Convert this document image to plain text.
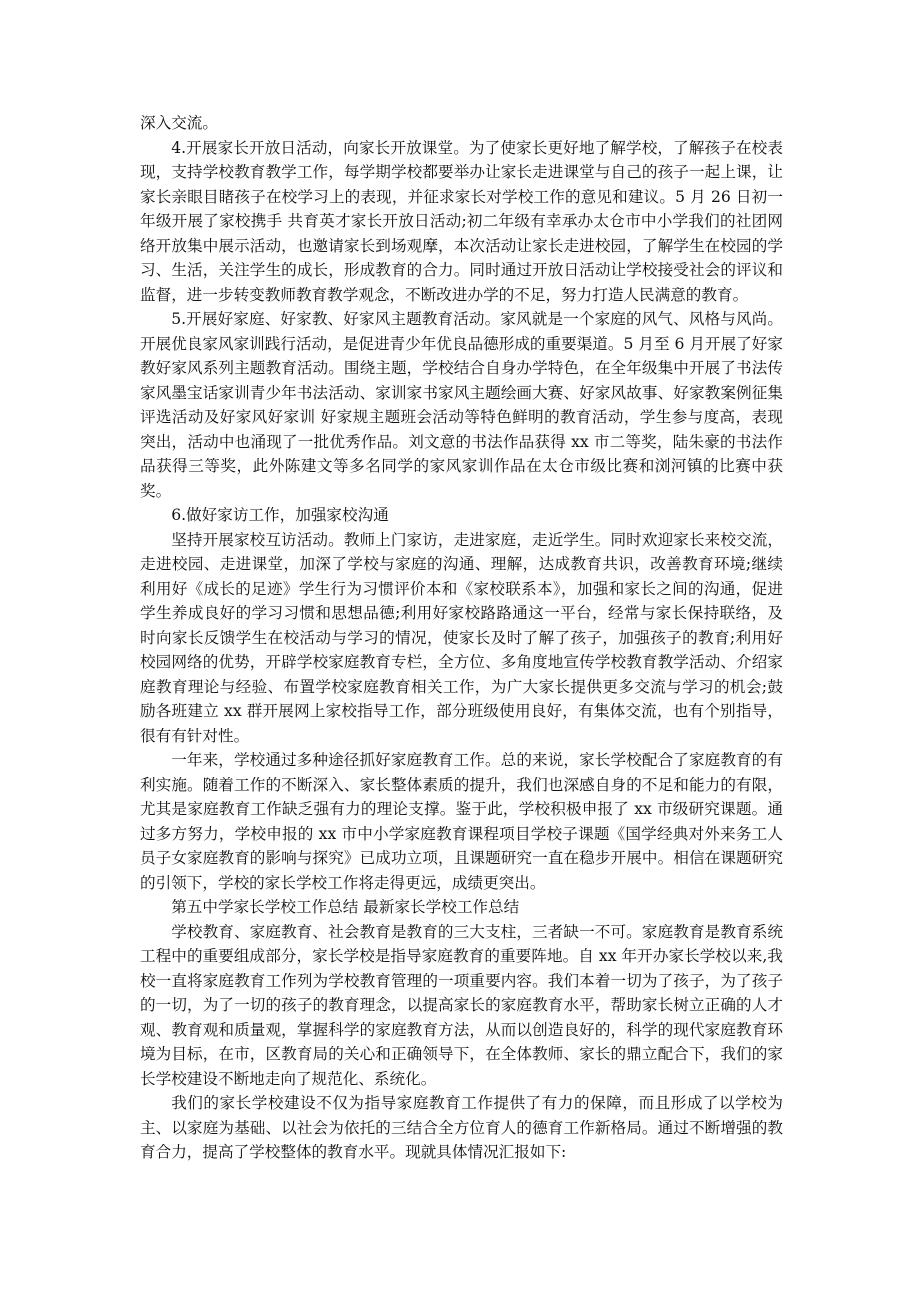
深入交流。

4.开展家长开放日活动，向家长开放课堂。为了使家长更好地了解学校，了解孩子在校表现，支持学校教育教学工作，每学期学校都要举办让家长走进课堂与自己的孩子一起上课，让家长亲眼目睹孩子在校学习上的表现，并征求家长对学校工作的意见和建议。5 月 26 日初一年级开展了家校携手 共育英才家长开放日活动;初二年级有幸承办太仓市中小学我们的社团网络开放集中展示活动，也邀请家长到场观摩，本次活动让家长走进校园，了解学生在校园的学习、生活，关注学生的成长，形成教育的合力。同时通过开放日活动让学校接受社会的评议和监督，进一步转变教师教育教学观念，不断改进办学的不足，努力打造人民满意的教育。

5.开展好家庭、好家教、好家风主题教育活动。家风就是一个家庭的风气、风格与风尚。开展优良家风家训践行活动，是促进青少年优良品德形成的重要渠道。5 月至 6 月开展了好家教好家风系列主题教育活动。围绕主题，学校结合自身办学特色，在全年级集中开展了书法传家风墨宝话家训青少年书法活动、家训家书家风主题绘画大赛、好家风故事、好家教案例征集评选活动及好家风好家训 好家规主题班会活动等特色鲜明的教育活动，学生参与度高，表现突出，活动中也涌现了一批优秀作品。刘文意的书法作品获得 xx 市二等奖，陆朱豪的书法作品获得三等奖，此外陈建文等多名同学的家风家训作品在太仓市级比赛和浏河镇的比赛中获奖。

6.做好家访工作，加强家校沟通

坚持开展家校互访活动。教师上门家访，走进家庭，走近学生。同时欢迎家长来校交流，走进校园、走进课堂，加深了学校与家庭的沟通、理解，达成教育共识，改善教育环境;继续利用好《成长的足迹》学生行为习惯评价本和《家校联系本》，加强和家长之间的沟通，促进学生养成良好的学习习惯和思想品德;利用好家校路路通这一平台，经常与家长保持联络，及时向家长反馈学生在校活动与学习的情况，使家长及时了解了孩子，加强孩子的教育;利用好校园网络的优势，开辟学校家庭教育专栏，全方位、多角度地宣传学校教育教学活动、介绍家庭教育理论与经验、布置学校家庭教育相关工作，为广大家长提供更多交流与学习的机会;鼓励各班建立 xx 群开展网上家校指导工作，部分班级使用良好，有集体交流，也有个别指导，很有有针对性。

一年来，学校通过多种途径抓好家庭教育工作。总的来说，家长学校配合了家庭教育的有利实施。随着工作的不断深入、家长整体素质的提升，我们也深感自身的不足和能力的有限，尤其是家庭教育工作缺乏强有力的理论支撑。鉴于此，学校积极申报了 xx 市级研究课题。通过多方努力，学校申报的 xx 市中小学家庭教育课程项目学校子课题《国学经典对外来务工人员子女家庭教育的影响与探究》已成功立项，且课题研究一直在稳步开展中。相信在课题研究的引领下，学校的家长学校工作将走得更远，成绩更突出。

第五中学家长学校工作总结 最新家长学校工作总结

学校教育、家庭教育、社会教育是教育的三大支柱，三者缺一不可。家庭教育是教育系统工程中的重要组成部分，家长学校是指导家庭教育的重要阵地。自 xx 年开办家长学校以来,我校一直将家庭教育工作列为学校教育管理的一项重要内容。我们本着一切为了孩子，为了孩子的一切，为了一切的孩子的教育理念，以提高家长的家庭教育水平，帮助家长树立正确的人才观、教育观和质量观，掌握科学的家庭教育方法，从而以创造良好的，科学的现代家庭教育环境为目标，在市，区教育局的关心和正确领导下，在全体教师、家长的鼎立配合下，我们的家长学校建设不断地走向了规范化、系统化。

我们的家长学校建设不仅为指导家庭教育工作提供了有力的保障，而且形成了以学校为主、以家庭为基础、以社会为依托的三结合全方位育人的德育工作新格局。通过不断增强的教育合力，提高了学校整体的教育水平。现就具体情况汇报如下:
